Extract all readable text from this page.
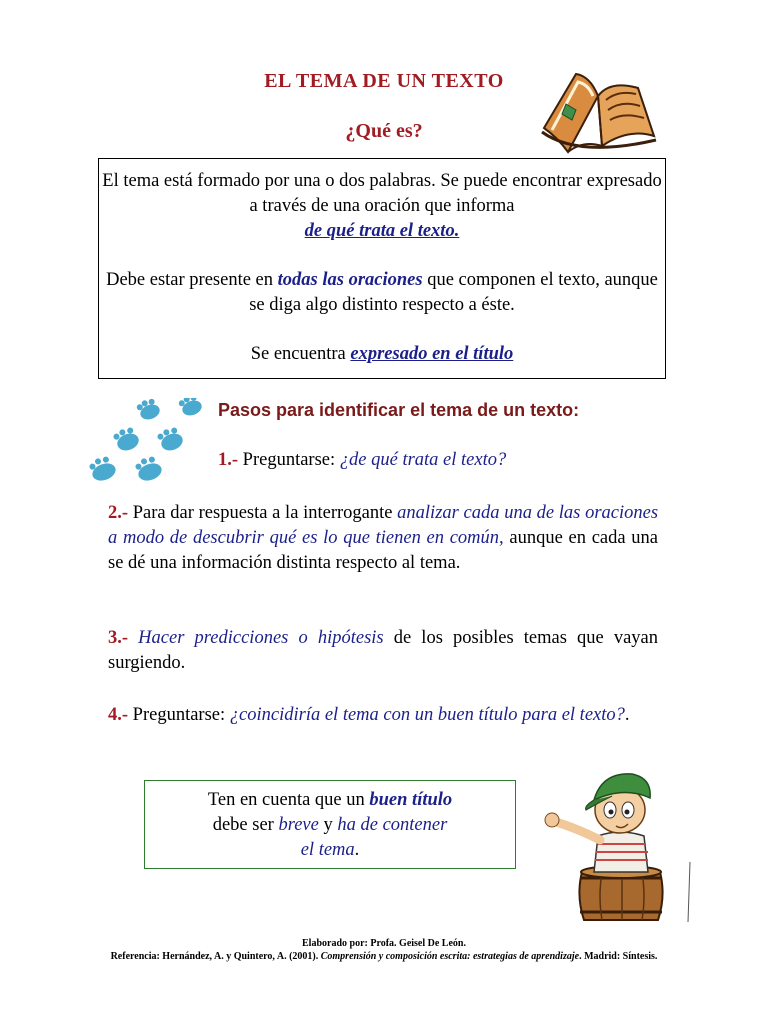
EL TEMA DE UN TEXTO
¿Qué es?

El tema está formado por una o dos palabras. Se puede encontrar expresado a través de una oración que informa
de qué trata el texto.

Debe estar presente en todas las oraciones que componen el texto, aunque se diga algo distinto respecto a éste.

Se encuentra expresado en el título

Pasos para identificar el tema de un texto:
1.- Preguntarse: ¿de qué trata el texto?
2.- Para dar respuesta a la interrogante analizar cada una de las oraciones a modo de descubrir qué es lo que tienen en común, aunque en cada una se dé una información distinta respecto al tema.
3.- Hacer predicciones o hipótesis de los posibles temas que vayan surgiendo.
4.- Preguntarse: ¿coincidiría el tema con un buen título para el texto?.
Ten en cuenta que un buen título
debe ser breve y ha de contener
el tema.
Elaborado por: Profa. Geisel De León.
Referencia: Hernández, A. y Quintero, A. (2001). Comprensión y composición escrita: estrategias de aprendizaje. Madrid: Síntesis.
